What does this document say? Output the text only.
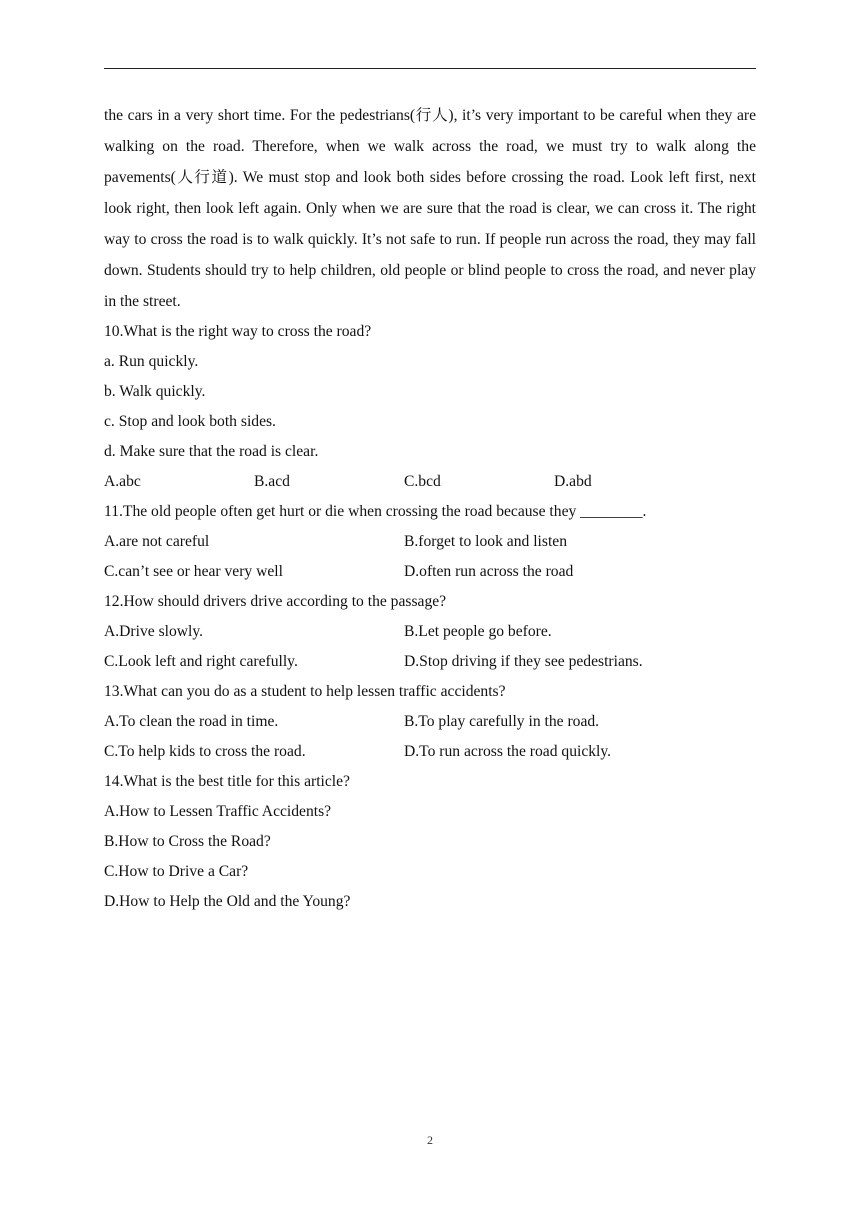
the cars in a very short time. For the pedestrians(行人), it’s very important to be careful when they are walking on the road. Therefore, when we walk across the road, we must try to walk along the pavements(人行道). We must stop and look both sides before crossing the road. Look left first, next look right, then look left again. Only when we are sure that the road is clear, we can cross it. The right way to cross the road is to walk quickly. It’s not safe to run. If people run across the road, they may fall down. Students should try to help children, old people or blind people to cross the road, and never play in the street.

10.What is the right way to cross the road?
a. Run quickly.
b. Walk quickly.
c. Stop and look both sides.
d. Make sure that the road is clear.
A.abc	B.acd	C.bcd	D.abd
11.The old people often get hurt or die when crossing the road because they ________.
A.are not careful	B.forget to look and listen
C.can’t see or hear very well	D.often run across the road
12.How should drivers drive according to the passage?
A.Drive slowly.	B.Let people go before.
C.Look left and right carefully.	D.Stop driving if they see pedestrians.
13.What can you do as a student to help lessen traffic accidents?
A.To clean the road in time.	B.To play carefully in the road.
C.To help kids to cross the road.	D.To run across the road quickly.
14.What is the best title for this article?
A.How to Lessen Traffic Accidents?
B.How to Cross the Road?
C.How to Drive a Car?
D.How to Help the Old and the Young?
2
